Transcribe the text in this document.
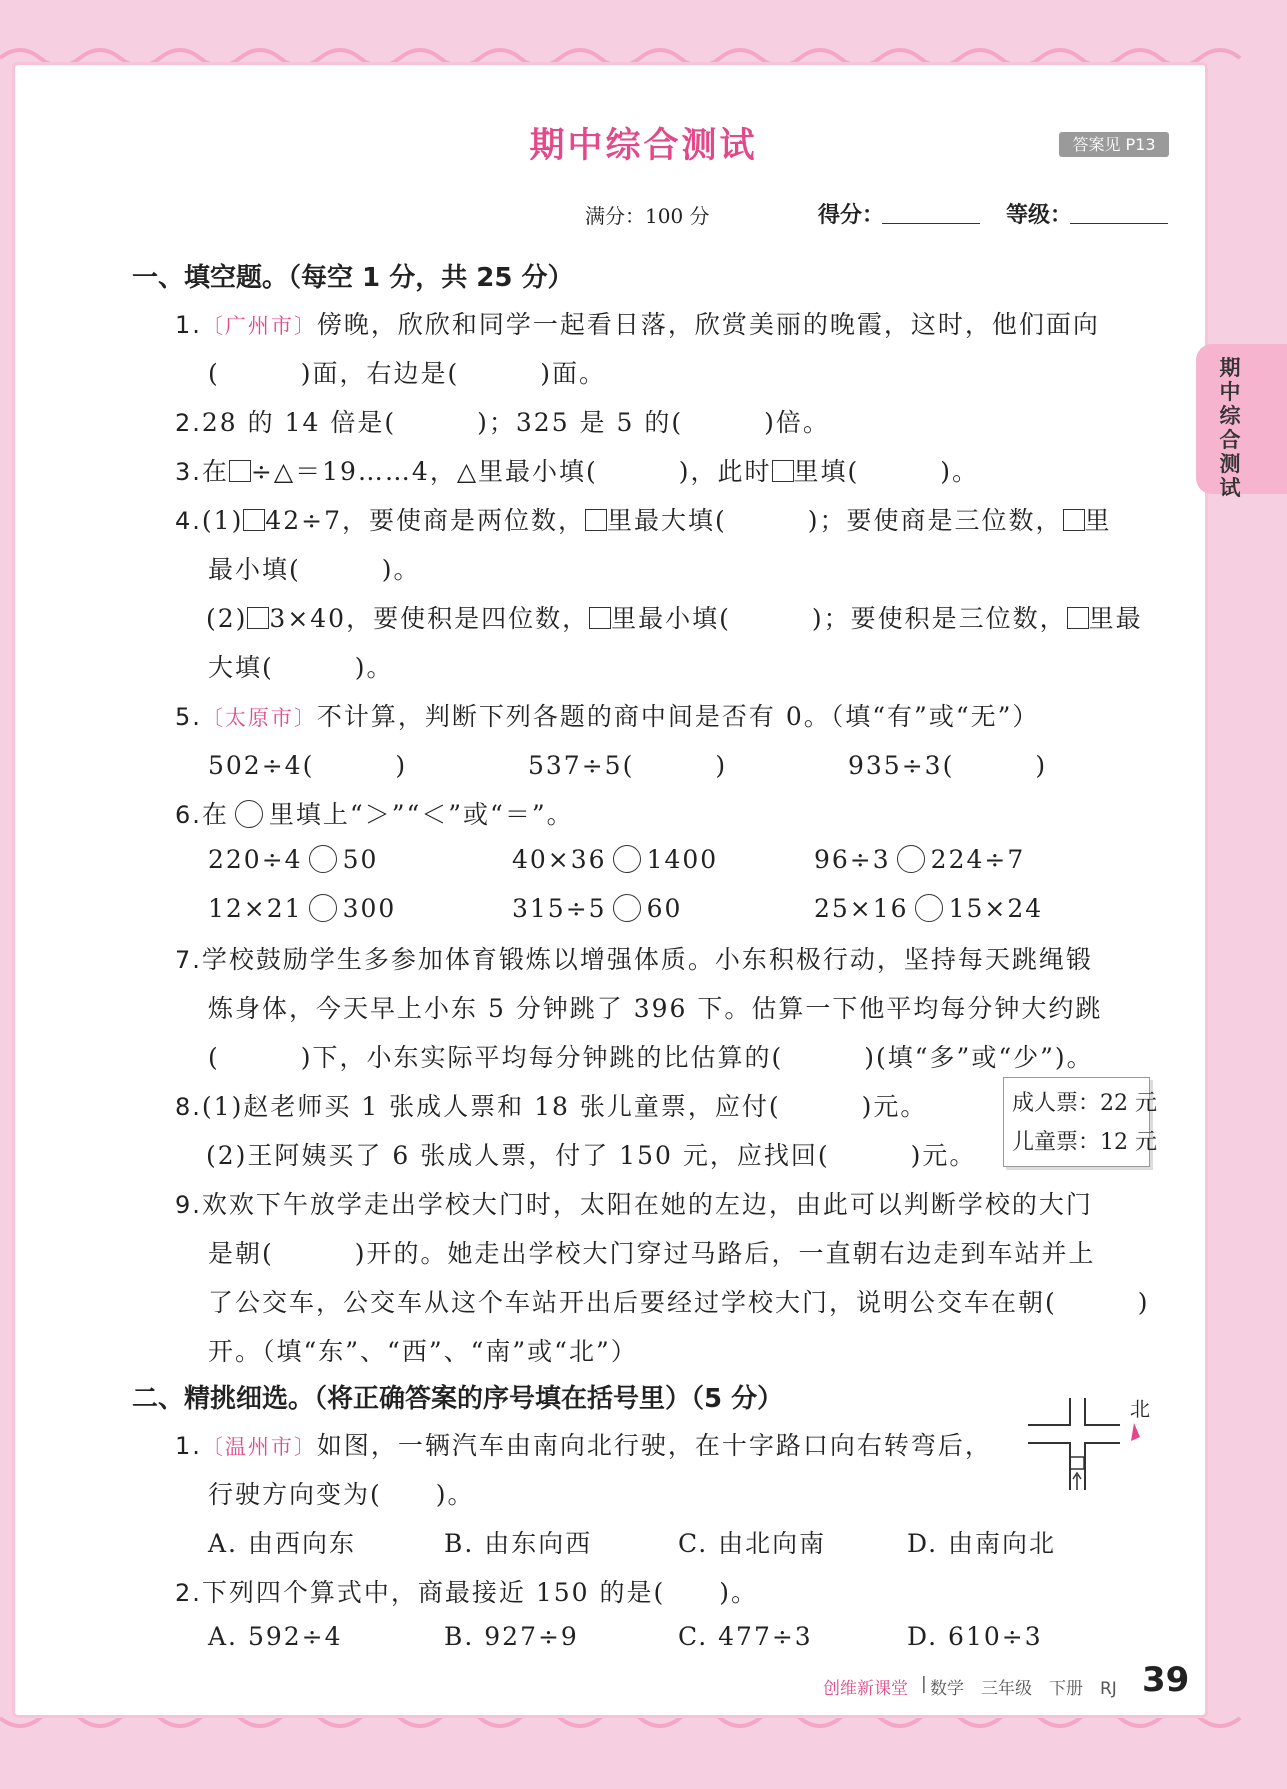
期中综合测试
期中综合测试	答案见 P13
满分：100 分	得分：	等级：
一、填空题。（每空 1 分，共 25 分）
1.〔广州市〕傍晚，欣欣和同学一起看日落，欣赏美丽的晚霞，这时，他们面向
(　　　)面，右边是(　　　)面。
2.28 的 14 倍是(　　　)；325 是 5 的(　　　)倍。
3.在 ÷△＝19……4，△里最小填(　　　)，此时 里填(　　　)。
4.(1) 42÷7，要使商是两位数， 里最大填(　　　)；要使商是三位数， 里
最小填(　　　)。
(2) 3×40，要使积是四位数， 里最小填(　　　)；要使积是三位数， 里最
大填(　　　)。
5.〔太原市〕不计算，判断下列各题的商中间是否有 0。（填“有”或“无”）
502÷4(　　　)	537÷5(　　　)	935÷3(　　　)
6.在 里填上“＞”“＜”或“＝”。
220÷4 50	40×36 1400	96÷3 224÷7
12×21 300	315÷5 60	25×16 15×24
7.学校鼓励学生多参加体育锻炼以增强体质。小东积极行动，坚持每天跳绳锻
炼身体，今天早上小东 5 分钟跳了 396 下。估算一下他平均每分钟大约跳
(　　　)下，小东实际平均每分钟跳的比估算的(　　　)(填“多”或“少”)。
8.(1)赵老师买 1 张成人票和 18 张儿童票，应付(　　　)元。
(2)王阿姨买了 6 张成人票，付了 150 元，应找回(　　　)元。
成人票：22 元
儿童票：12 元
9.欢欢下午放学走出学校大门时，太阳在她的左边，由此可以判断学校的大门
是朝(　　　)开的。她走出学校大门穿过马路后，一直朝右边走到车站并上
了公交车，公交车从这个车站开出后要经过学校大门，说明公交车在朝(　　　)
开。（填“东”、“西”、“南”或“北”）
二、精挑细选。（将正确答案的序号填在括号里）（5 分）
1.〔温州市〕如图，一辆汽车由南向北行驶，在十字路口向右转弯后，
行驶方向变为(　　)。
A. 由西向东	B. 由东向西	C. 由北向南	D. 由南向北
北
2.下列四个算式中，商最接近 150 的是(　　)。
A. 592÷4	B. 927÷9	C. 477÷3	D. 610÷3
创维新课堂 | 数学　三年级　下册　RJ 39
